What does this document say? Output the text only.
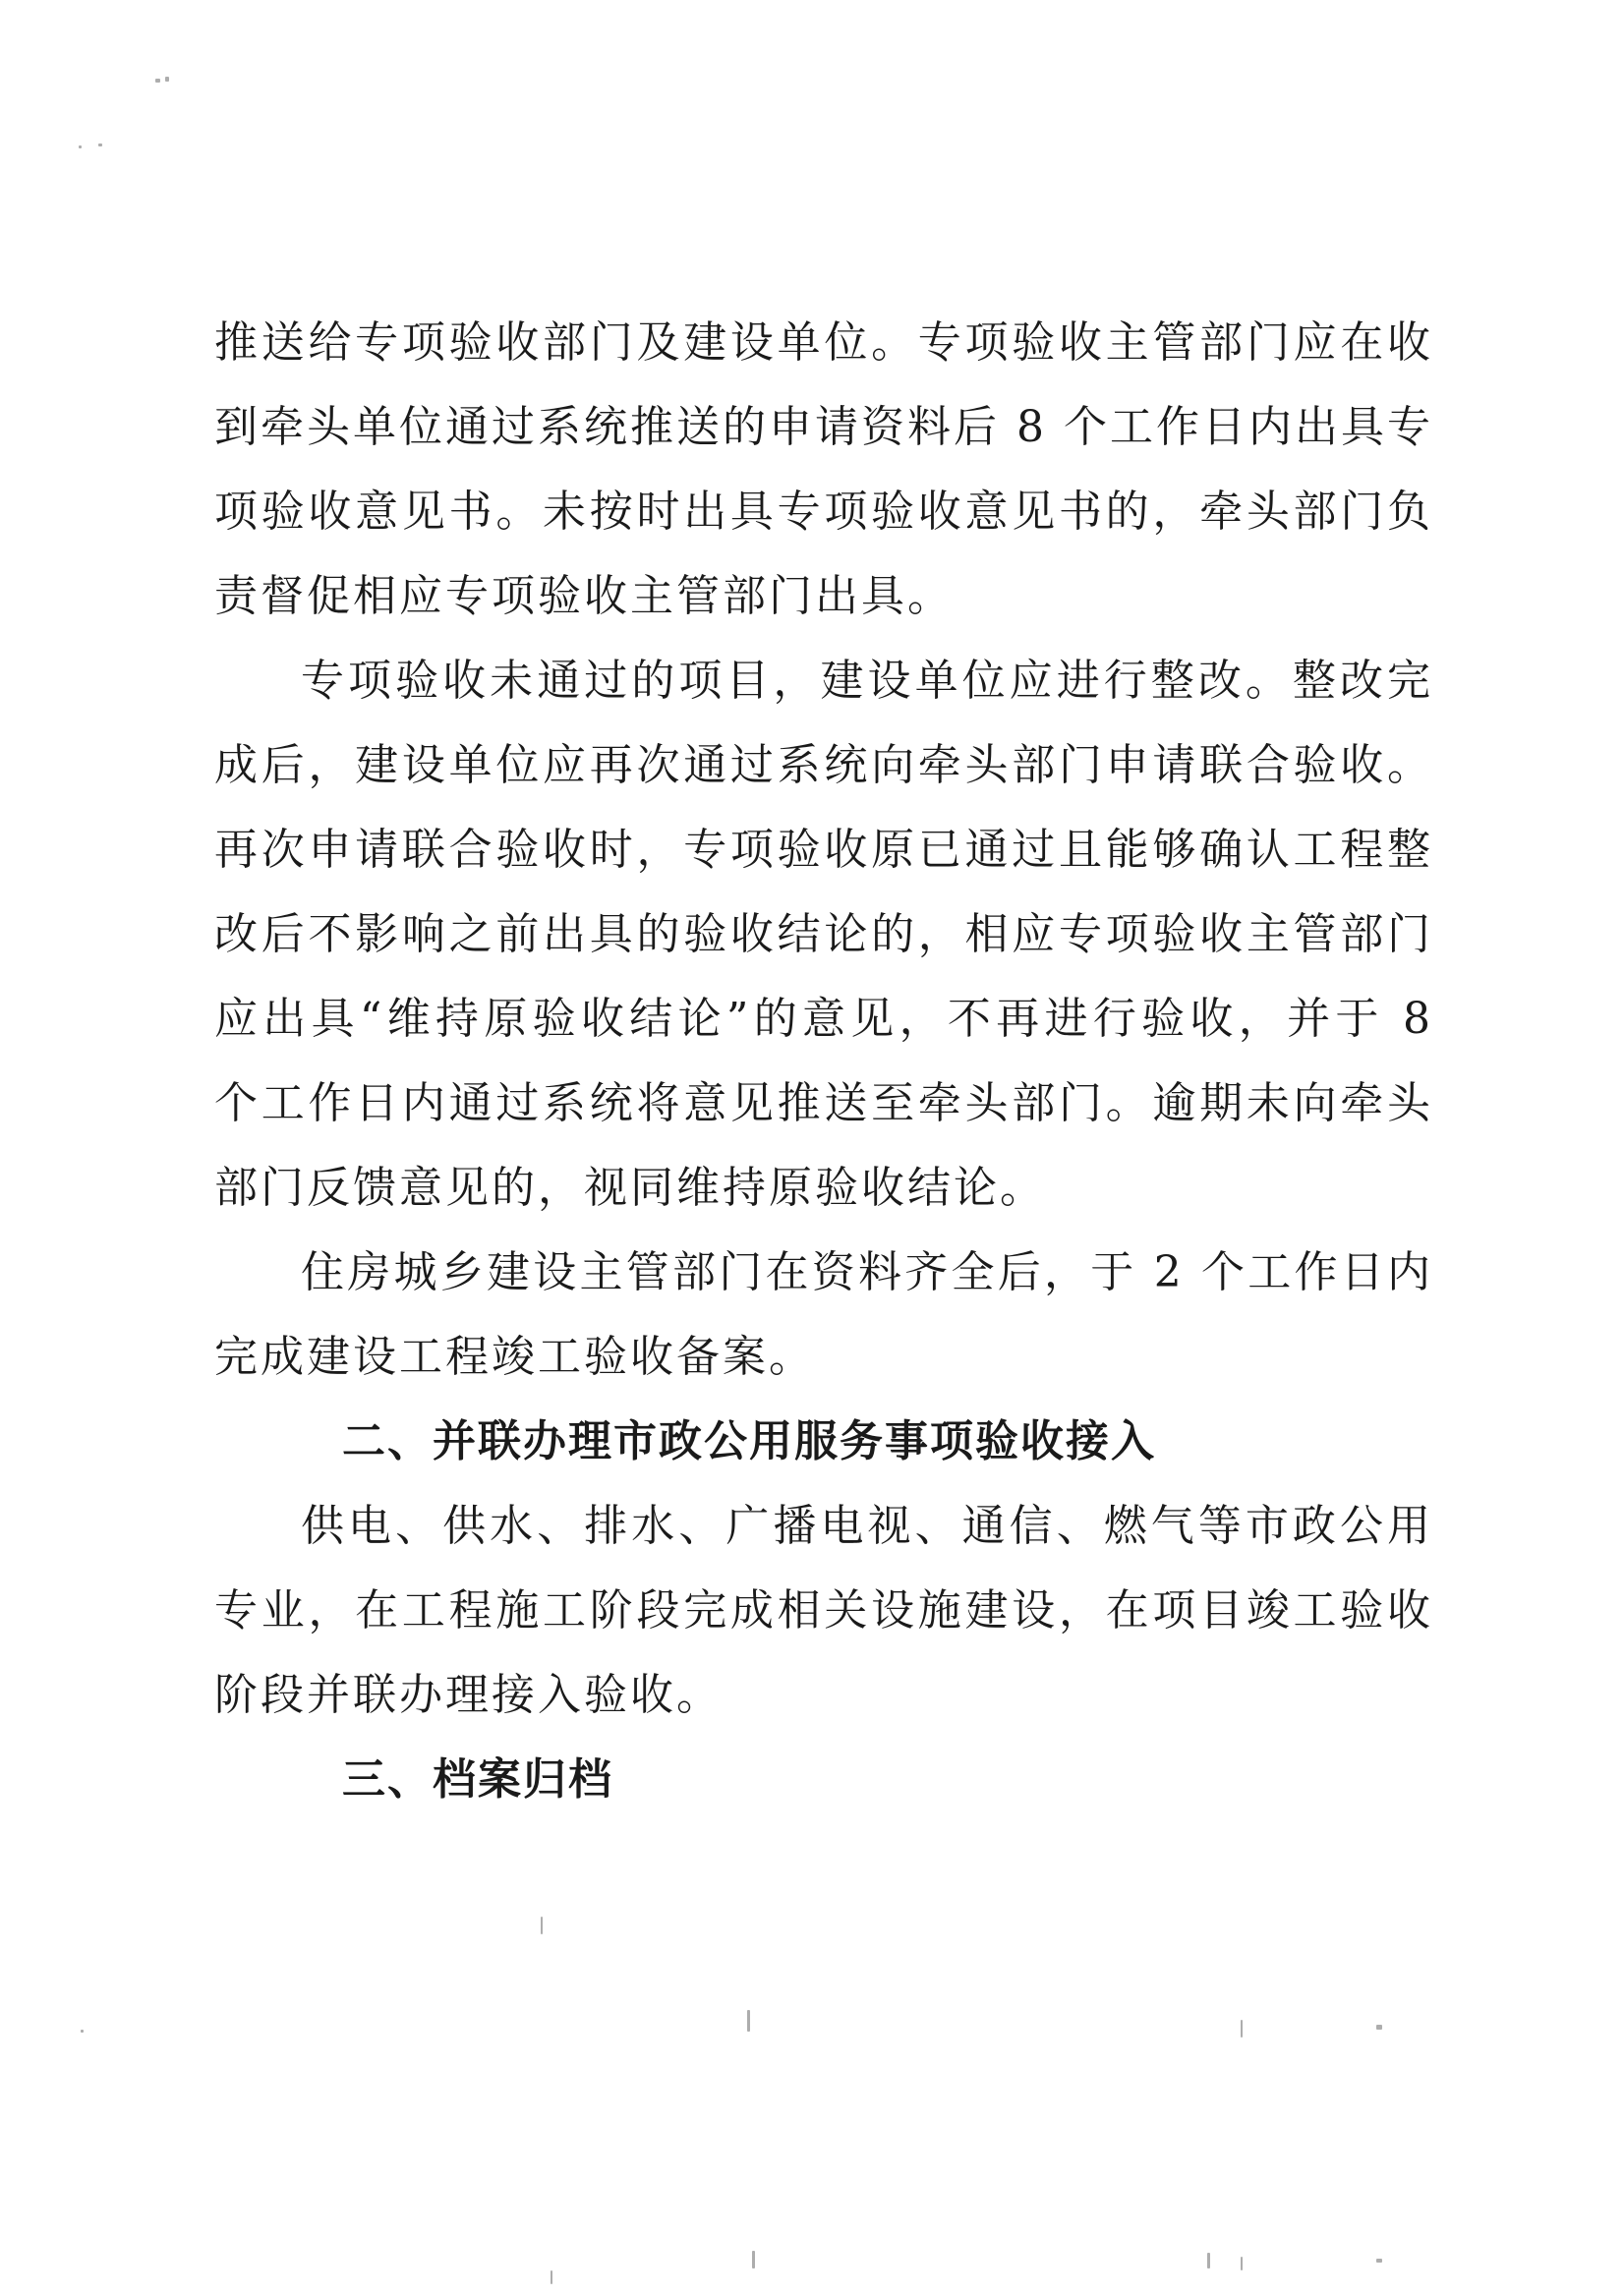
推送给专项验收部门及建设单位。专项验收主管部门应在收到牵头单位通过系统推送的申请资料后 8 个工作日内出具专项验收意见书。未按时出具专项验收意见书的，牵头部门负责督促相应专项验收主管部门出具。

专项验收未通过的项目，建设单位应进行整改。整改完成后，建设单位应再次通过系统向牵头部门申请联合验收。再次申请联合验收时，专项验收原已通过且能够确认工程整改后不影响之前出具的验收结论的，相应专项验收主管部门应出具“维持原验收结论”的意见，不再进行验收，并于 8 个工作日内通过系统将意见推送至牵头部门。逾期未向牵头部门反馈意见的，视同维持原验收结论。

住房城乡建设主管部门在资料齐全后，于 2 个工作日内完成建设工程竣工验收备案。

二、并联办理市政公用服务事项验收接入

供电、供水、排水、广播电视、通信、燃气等市政公用专业，在工程施工阶段完成相关设施建设，在项目竣工验收阶段并联办理接入验收。

三、档案归档
